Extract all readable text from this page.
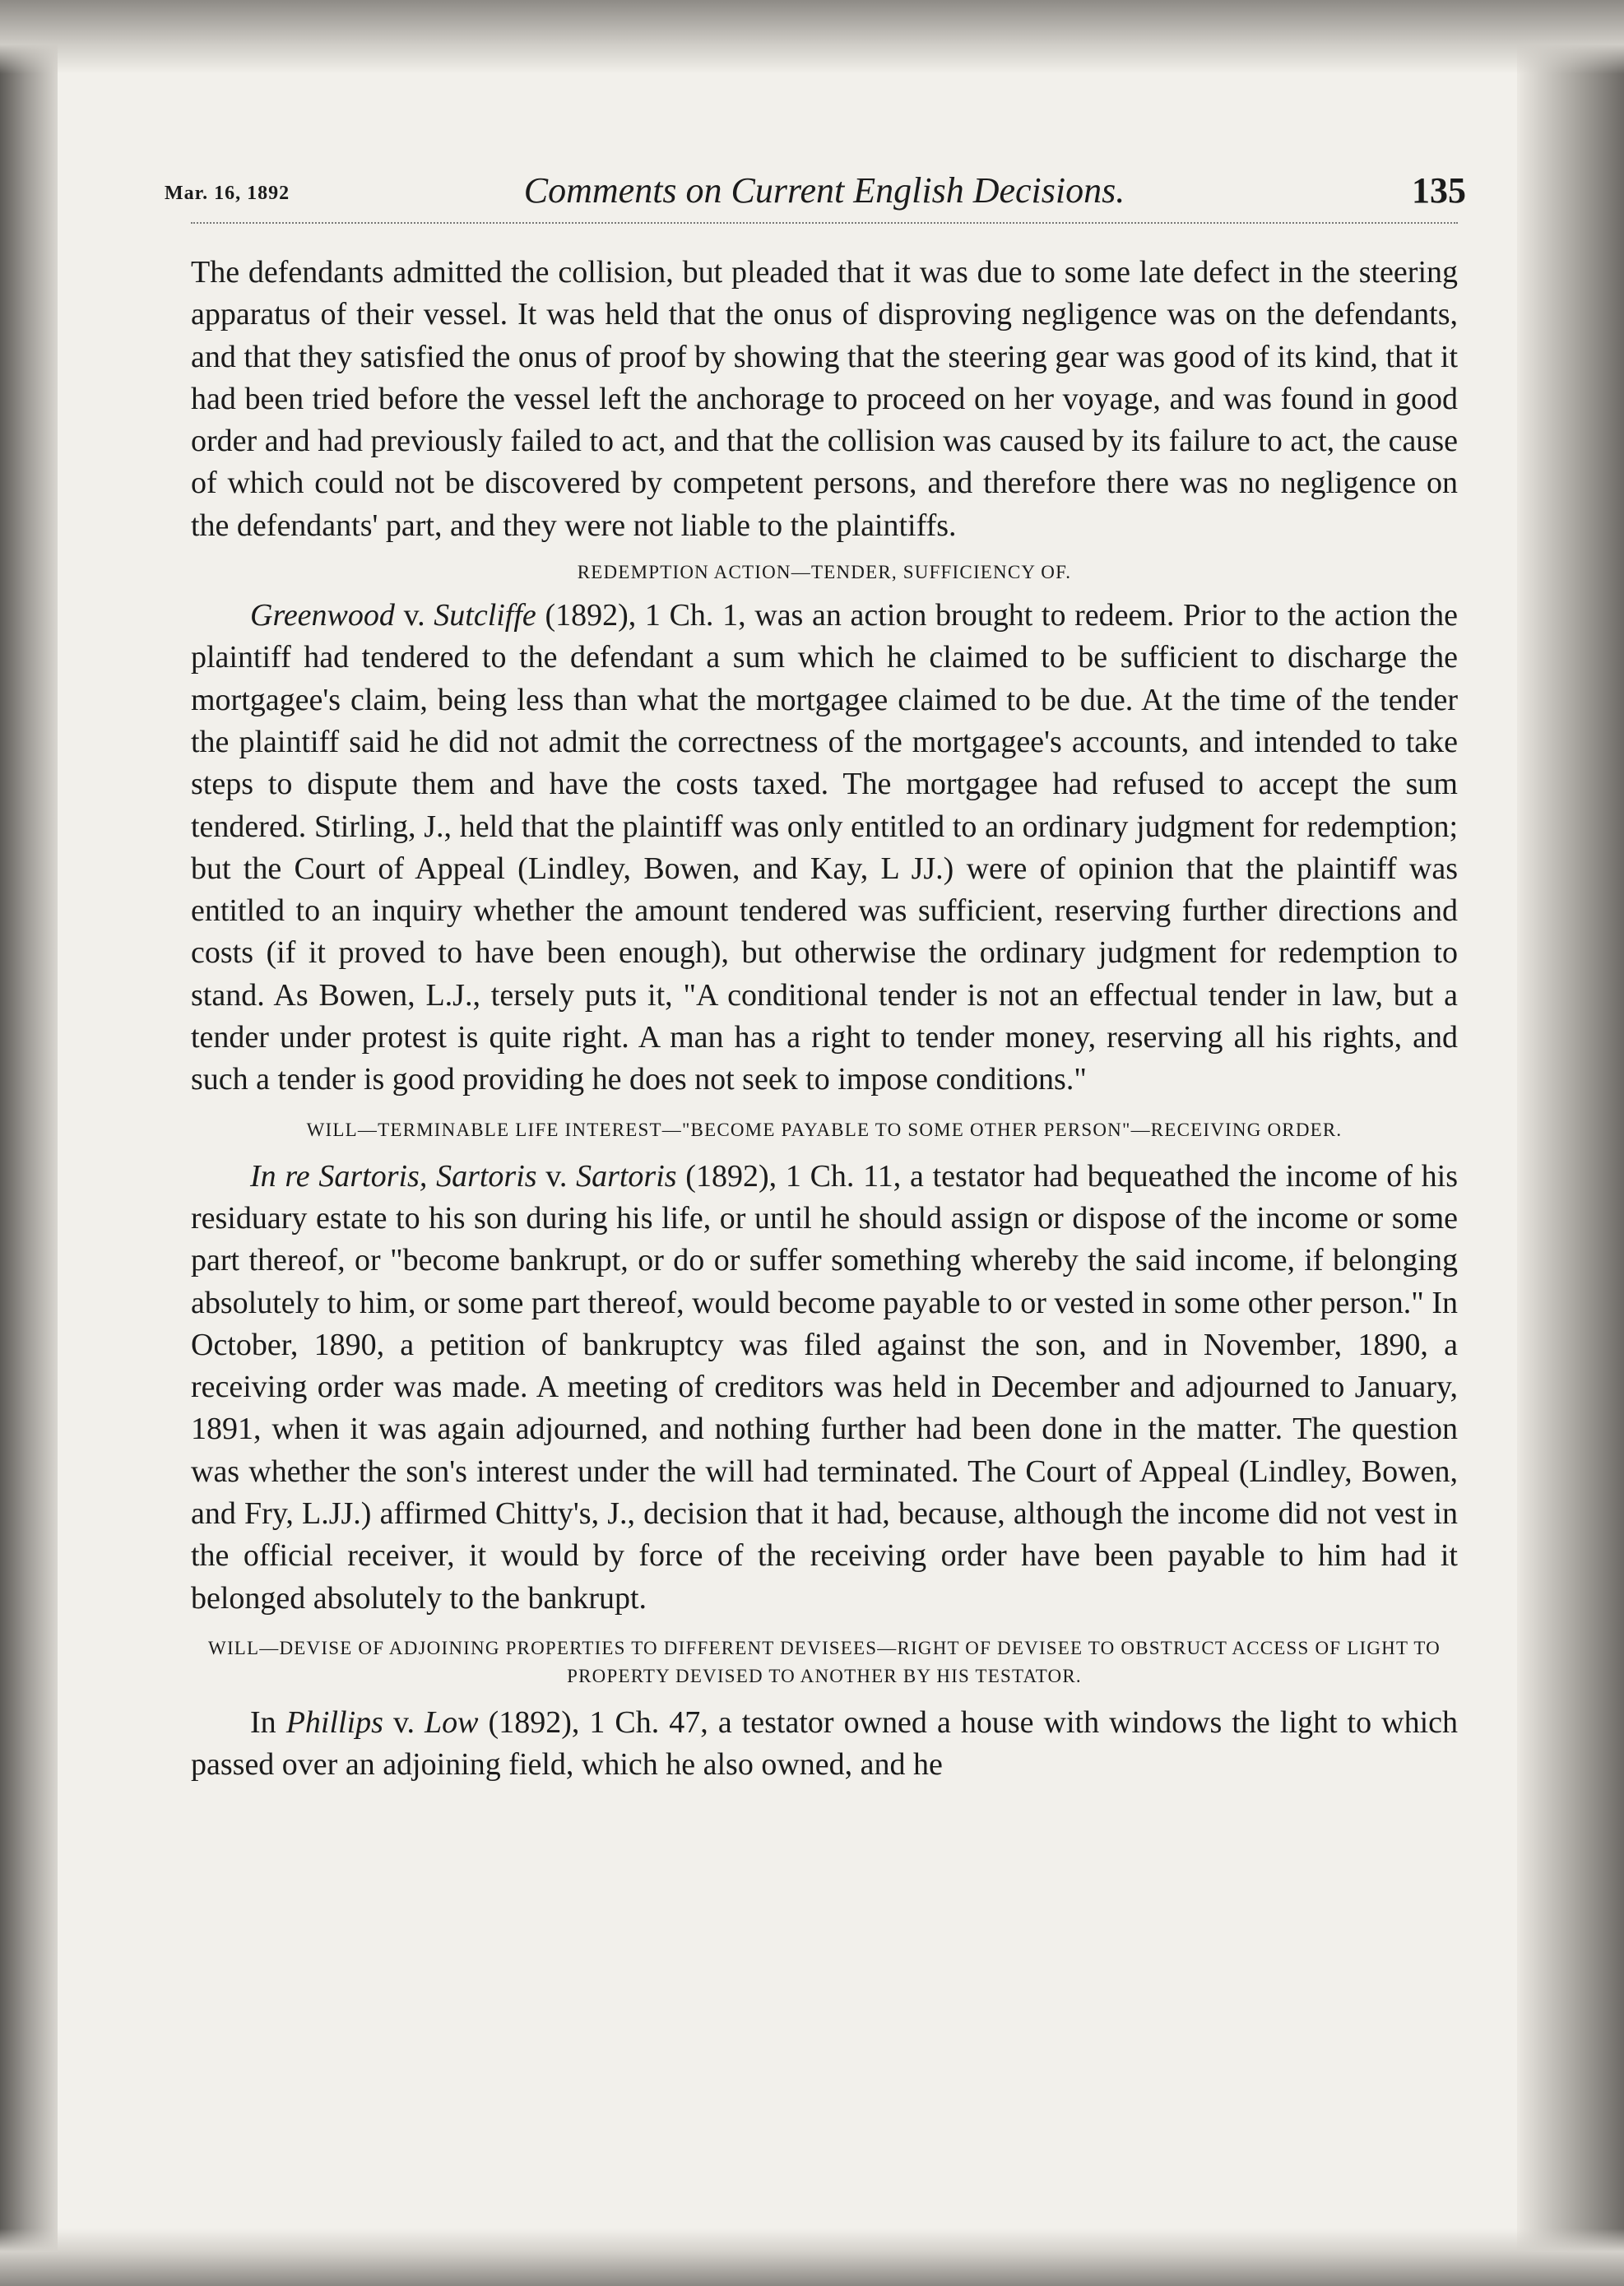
Mar. 16, 1892	Comments on Current English Decisions.	135

The defendants admitted the collision, but pleaded that it was due to some late defect in the steering apparatus of their vessel. It was held that the onus of disproving negligence was on the defendants, and that they satisfied the onus of proof by showing that the steering gear was good of its kind, that it had been tried before the vessel left the anchorage to proceed on her voyage, and was found in good order and had previously failed to act, and that the collision was caused by its failure to act, the cause of which could not be discovered by competent persons, and therefore there was no negligence on the defendants' part, and they were not liable to the plaintiffs.

REDEMPTION ACTION—TENDER, SUFFICIENCY OF.

Greenwood v. Sutcliffe (1892), 1 Ch. 1, was an action brought to redeem. Prior to the action the plaintiff had tendered to the defendant a sum which he claimed to be sufficient to discharge the mortgagee's claim, being less than what the mortgagee claimed to be due. At the time of the tender the plaintiff said he did not admit the correctness of the mortgagee's accounts, and intended to take steps to dispute them and have the costs taxed. The mortgagee had refused to accept the sum tendered. Stirling, J., held that the plaintiff was only entitled to an ordinary judgment for redemption; but the Court of Appeal (Lindley, Bowen, and Kay, L JJ.) were of opinion that the plaintiff was entitled to an inquiry whether the amount tendered was sufficient, reserving further directions and costs (if it proved to have been enough), but otherwise the ordinary judgment for redemption to stand. As Bowen, L.J., tersely puts it, "A conditional tender is not an effectual tender in law, but a tender under protest is quite right. A man has a right to tender money, reserving all his rights, and such a tender is good providing he does not seek to impose conditions."

WILL—TERMINABLE LIFE INTEREST—"BECOME PAYABLE TO SOME OTHER PERSON"—RECEIVING ORDER.

In re Sartoris, Sartoris v. Sartoris (1892), 1 Ch. 11, a testator had bequeathed the income of his residuary estate to his son during his life, or until he should assign or dispose of the income or some part thereof, or "become bankrupt, or do or suffer something whereby the said income, if belonging absolutely to him, or some part thereof, would become payable to or vested in some other person." In October, 1890, a petition of bankruptcy was filed against the son, and in November, 1890, a receiving order was made. A meeting of creditors was held in December and adjourned to January, 1891, when it was again adjourned, and nothing further had been done in the matter. The question was whether the son's interest under the will had terminated. The Court of Appeal (Lindley, Bowen, and Fry, L.JJ.) affirmed Chitty's, J., decision that it had, because, although the income did not vest in the official receiver, it would by force of the receiving order have been payable to him had it belonged absolutely to the bankrupt.

WILL—DEVISE OF ADJOINING PROPERTIES TO DIFFERENT DEVISEES—RIGHT OF DEVISEE TO OBSTRUCT ACCESS OF LIGHT TO PROPERTY DEVISED TO ANOTHER BY HIS TESTATOR.

In Phillips v. Low (1892), 1 Ch. 47, a testator owned a house with windows the light to which passed over an adjoining field, which he also owned, and he
